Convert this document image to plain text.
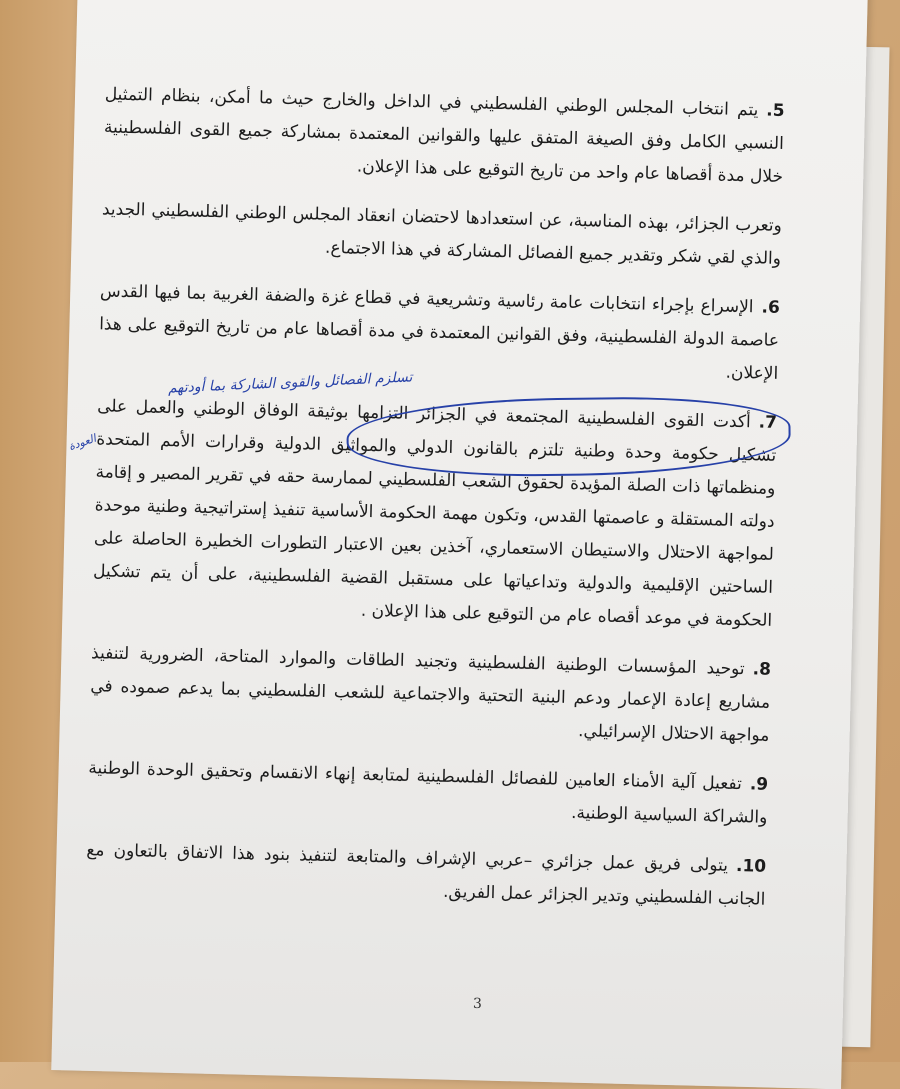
5.يتم انتخاب المجلس الوطني الفلسطيني في الداخل والخارج حيث ما أمكن، بنظام التمثيل النسبي الكامل وفق الصيغة المتفق عليها والقوانين المعتمدة بمشاركة جميع القوى الفلسطينية خلال مدة أقصاها عام واحد من تاريخ التوقيع على هذا الإعلان.
وتعرب الجزائر، بهذه المناسبة، عن استعدادها لاحتضان انعقاد المجلس الوطني الفلسطيني الجديد والذي لقي شكر وتقدير جميع الفصائل المشاركة في هذا الاجتماع.
6.الإسراع بإجراء انتخابات عامة رئاسية وتشريعية في قطاع غزة والضفة الغربية بما فيها القدس عاصمة الدولة الفلسطينية، وفق القوانين المعتمدة في مدة أقصاها عام من تاريخ التوقيع على هذا الإعلان.
تسلزم الفصائل والقوى الشاركة بما أودتهم
العودة
7.أكدت القوى الفلسطينية المجتمعة في الجزائر التزامها بوثيقة الوفاق الوطني والعمل على تشكيل حكومة وحدة وطنية تلتزم بالقانون الدولي والمواثيق الدولية وقرارات الأمم المتحدة ومنظماتها ذات الصلة المؤيدة لحقوق الشعب الفلسطيني لممارسة حقه في تقرير المصير و إقامة دولته المستقلة و عاصمتها القدس، وتكون مهمة الحكومة الأساسية تنفيذ إستراتيجية وطنية موحدة لمواجهة الاحتلال والاستيطان الاستعماري، آخذين بعين الاعتبار التطورات الخطيرة الحاصلة على الساحتين الإقليمية والدولية وتداعياتها على مستقبل القضية الفلسطينية، على أن يتم تشكيل الحكومة في موعد أقصاه عام من التوقيع على هذا الإعلان .
8.توحيد المؤسسات الوطنية الفلسطينية وتجنيد الطاقات والموارد المتاحة، الضرورية لتنفيذ مشاريع إعادة الإعمار ودعم البنية التحتية والاجتماعية للشعب الفلسطيني بما يدعم صموده في مواجهة الاحتلال الإسرائيلي.
9.تفعيل آلية الأمناء العامين للفصائل الفلسطينية لمتابعة إنهاء الانقسام وتحقيق الوحدة الوطنية والشراكة السياسية الوطنية.
10.يتولى فريق عمل جزائري –عربي الإشراف والمتابعة لتنفيذ بنود هذا الاتفاق بالتعاون مع الجانب الفلسطيني وتدير الجزائر عمل الفريق.
3
